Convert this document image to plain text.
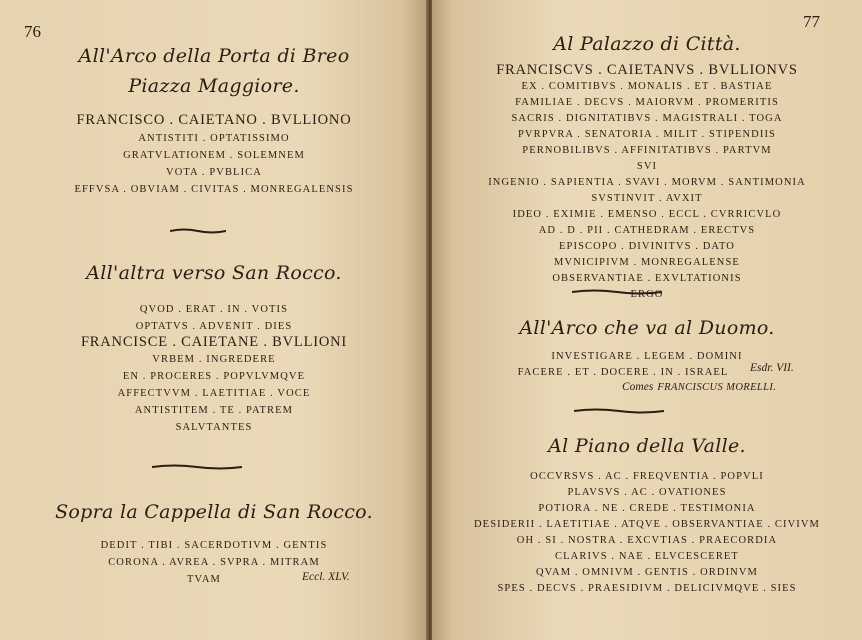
76
All'Arco della Porta di Breo
Piazza Maggiore.
FRANCISCO . CAIETANO . BVLLIONO
ANTISTITI . OPTATISSIMO
GRATVLATIONEM . SOLEMNEM
VOTA . PVBLICA
EFFVSA . OBVIAM . CIVITAS . MONREGALENSIS
All'altra verso San Rocco.
QVOD . ERAT . IN . VOTIS
OPTATVS . ADVENIT . DIES
FRANCISCE . CAIETANE . BVLLIONI
VRBEM . INGREDERE
EN . PROCERES . POPVLVMQVE
AFFECTVVM . LAETITIAE . VOCE
ANTISTITEM . TE . PATREM
SALVTANTES
Sopra la Cappella di San Rocco.
DEDIT . TIBI . SACERDOTIVM . GENTIS
CORONA . AVREA . SVPRA . MITRAM
TVAM	Eccl. XLV.
77
Al Palazzo di Città.
FRANCISCVS . CAIETANVS . BVLLIONVS
EX . COMITIBVS . MONALIS . ET . BASTIAE
FAMILIAE . DECVS . MAIORVM . PROMERITIS
SACRIS . DIGNITATIBVS . MAGISTRALI . TOGA
PVRPVRA . SENATORIA . MILIT . STIPENDIIS
PERNOBILIBVS . AFFINITATIBVS . PARTVM
SVI
INGENIO . SAPIENTIA . SVAVI . MORVM . SANTIMONIA
SVSTINVIT . AVXIT
IDEO . EXIMIE . EMENSO . ECCL . CVRRICVLO
AD . D . PII . CATHEDRAM . ERECTVS
EPISCOPO . DIVINITVS . DATO
MVNICIPIVM . MONREGALENSE
OBSERVANTIAE . EXVLTATIONIS
ERGO
All'Arco che va al Duomo.
INVESTIGARE . LEGEM . DOMINI
FACERE . ET . DOCERE . IN . ISRAEL	Esdr. VII.
Comes FRANCISCUS MORELLI.
Al Piano della Valle.
OCCVRSVS . AC . FREQVENTIA . POPVLI
PLAVSVS . AC . OVATIONES
POTIORA . NE . CREDE . TESTIMONIA
DESIDERII . LAETITIAE . ATQVE . OBSERVANTIAE . CIVIVM
OH . SI . NOSTRA . EXCVTIAS . PRAECORDIA
CLARIVS . NAE . ELVCESCERET
QVAM . OMNIVM . GENTIS . ORDINVM
SPES . DECVS . PRAESIDIVM . DELICIVMQVE . SIES
